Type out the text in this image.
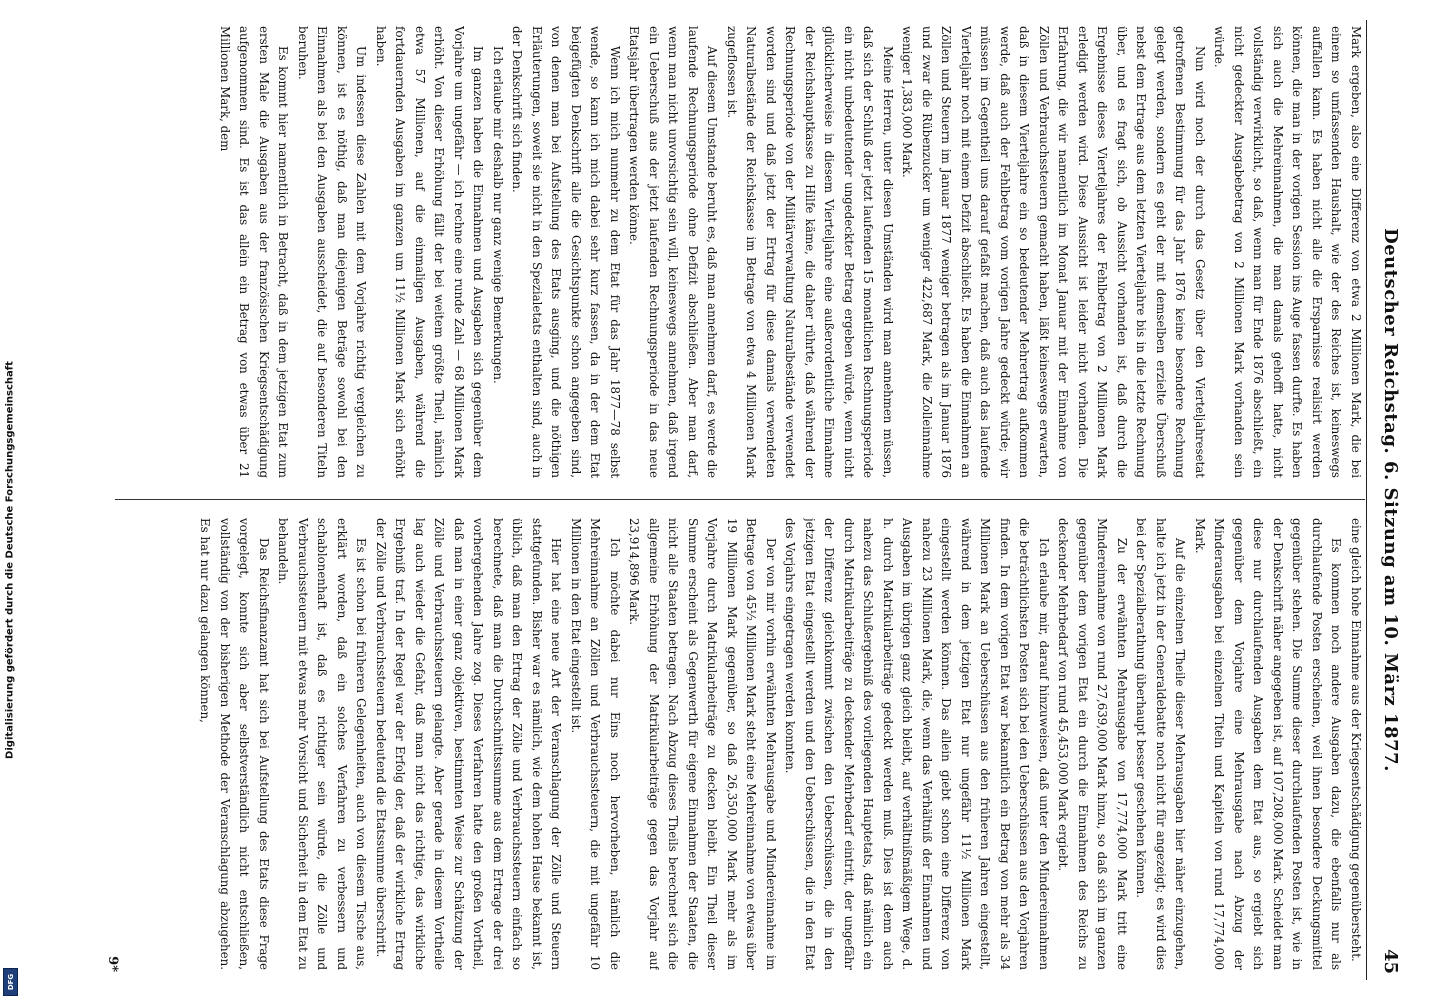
Digitalisierung gefördert durch die Deutsche Forschungsgemeinschaft
DFG
Deutscher Reichstag. 6. Sitzung am 10. März 1877.
45

Mark ergeben, also eine Differenz von etwa 2 Millionen Mark, die bei einem so umfassenden Haushalt, wie der des Reiches ist, keineswegs auffallen kann. Es haben nicht alle die Ersparnisse realisirt werden können, die man in der vorigen Session ins Auge fassen durfte. Es haben sich auch die Mehreinnahmen, die man damals gehofft hatte, nicht vollständig verwirklicht, so daß, wenn man für Ende 1876 abschließt, ein nicht gedeckter Ausgabebetrag von 2 Millionen Mark vorhanden sein würde.

Nun wird noch der durch das Gesetz über den Vierteljahresetat getroffenen Bestimmung für das Jahr 1876 keine besondere Rechnung gelegt werden, sondern es geht der mit demselben erzielte Überschuß nebst dem Ertrage aus dem letzten Vierteljahre bis in die letzte Rechnung über, und es fragt sich, ob Aussicht vorhanden ist, daß durch die Ergebnisse dieses Vierteljahres der Fehlbetrag von 2 Millionen Mark erledigt werden wird. Diese Aussicht ist leider nicht vorhanden. Die Erfahrung, die wir namentlich im Monat Januar mit der Einnahme von Zöllen und Verbrauchssteuern gemacht haben, läßt keineswegs erwarten, daß in diesem Vierteljahre ein so bedeutender Mehrertrag aufkommen werde, daß auch der Fehlbetrag vom vorigen Jahre gedeckt würde; wir müssen im Gegentheil uns darauf gefaßt machen, daß auch das laufende Vierteljahr noch mit einem Defizit abschließt. Es haben die Einnahmen an Zöllen und Steuern im Januar 1877 weniger betragen als im Januar 1876 und zwar die Rübenzucker um weniger 422,687 Mark, die Zolleinnahme weniger 1,383,000 Mark.

Meine Herren, unter diesen Umständen wird man annehmen müssen, daß sich der Schluß der jetzt laufenden 15 monatlichen Rechnungsperiode ein nicht unbedeutender ungedeckter Betrag ergeben würde, wenn nicht glücklicherweise in diesem Vierteljahre eine außerordentliche Einnahme der Reichshauptkasse zu Hilfe käme, die daher rührte, daß während der Rechnungsperiode von der Militärverwaltung Naturalbestände verwendet worden sind und daß jetzt der Ertrag für diese damals verwendeten Naturalbestände der Reichskasse im Betrage von etwa 4 Millionen Mark zugeflossen ist.

Auf diesem Umstande beruht es, daß man annehmen darf, es werde die laufende Rechnungsperiode ohne Defizit abschließen. Aber man darf, wenn man nicht unvorsichtig sein will, keineswegs annehmen, daß irgend ein Ueberschuß aus der jetzt laufenden Rechnungsperiode in das neue Etatsjahr übertragen werden könne.

Wenn ich mich nunmehr zu dem Etat für das Jahr 1877—78 selbst wende, so kann ich mich dabei sehr kurz fassen, da in der dem Etat beigefügten Denkschrift alle die Gesichtspunkte schon angegeben sind, von denen man bei Aufstellung des Etats ausging, und die nöthigen Erläuterungen, soweit sie nicht in den Spezialetats enthalten sind, auch in der Denkschrift sich finden.

Ich erlaube mir deshalb nur ganz wenige Bemerkungen.

Im ganzen haben die Einnahmen und Ausgaben sich gegenüber dem Vorjahre um ungefähr — ich rechne eine runde Zahl — 68 Millionen Mark erhöht. Von dieser Erhöhung fällt der bei weitem größte Theil, nämlich etwa 57 Millionen, auf die einmaligen Ausgaben, während die fortdauernden Ausgaben im ganzen um 11½ Millionen Mark sich erhöht haben.

Um indessen diese Zahlen mit dem Vorjahre richtig vergleichen zu können, ist es nöthig, daß man diejenigen Beträge sowohl bei den Einnahmen als bei den Ausgaben ausscheidet, die auf besonderen Titeln beruhen.

Es kommt hier namentlich in Betracht, daß in dem jetzigen Etat zum ersten Male die Ausgaben aus der französischen Kriegsentschädigung aufgenommen sind. Es ist das allein ein Betrag von etwas über 21 Millionen Mark, dem

eine gleich hohe Einnahme aus der Kriegsentschädigung gegenübersteht.

Es kommen noch andere Ausgaben dazu, die ebenfalls nur als durchlaufende Posten erscheinen, weil ihnen besondere Deckungsmittel gegenüber stehen. Die Summe dieser durchlaufenden Posten ist, wie in der Denkschrift näher angegeben ist, auf 107,208,000 Mark. Scheidet man diese nur durchlaufenden Ausgaben dem Etat aus, so ergiebt sich gegenüber dem Vorjahre eine Mehrausgabe nach Abzug der Minderausgaben bei einzelnen Titeln und Kapiteln von rund 17,774,000 Mark.

Auf die einzelnen Theile dieser Mehrausgaben hier näher einzugehen, halte ich jetzt in der Generaldebatte noch nicht für angezeigt; es wird dies bei der Spezialberathung überhaupt besser geschehen können.

Zu der erwähnten Mehrausgabe von 17,774,000 Mark tritt eine Mindereinnahme von rund 27,639,000 Mark hinzu, so daß sich im ganzen gegenüber dem vorigen Etat ein durch die Einnahmen des Reichs zu deckender Mehrbedarf von rund 45,453,000 Mark ergiebt.

Ich erlaube mir, darauf hinzuweisen, daß unter den Mindereinnahmen die beträchtlichsten Posten sich bei den Ueberschüssen aus den Vorjahren finden. In dem vorigen Etat war bekanntlich ein Betrag von mehr als 34 Millionen Mark an Ueberschüssen aus den früheren Jahren eingestellt, während in dem jetzigen Etat nur ungefähr 11½ Millionen Mark eingestellt werden können. Das allein giebt schon eine Differenz von nahezu 23 Millionen Mark, die, wenn das Verhältniß der Einnahmen und Ausgaben im übrigen ganz gleich bleibt, auf verhältnißmäßigem Wege, d. h. durch Matrikularbeiträge gedeckt werden muß. Dies ist denn auch nahezu das Schlußergebniß des vorliegenden Hauptetats, daß nämlich ein durch Matrikularbeiträge zu deckender Mehrbedarf eintritt, der ungefähr der Differenz gleichkommt zwischen den Ueberschüssen, die in den jetzigen Etat eingestellt werden und den Ueberschüssen, die in den Etat des Vorjahrs eingetragen werden konnten.

Der von mir vorhin erwähnten Mehrausgabe und Mindereinnahme im Betrage von 45½ Millionen Mark steht eine Mehreinnahme von etwas über 19 Millionen Mark gegenüber, so daß 26,350,000 Mark mehr als im Vorjahre durch Matrikularbeiträge zu decken bleibt. Ein Theil dieser Summe erscheint als Gegenwerth für eigene Einnahmen der Staaten, die nicht alle Staaten betragen. Nach Abzug dieses Theils berechnet sich die allgemeine Erhöhung der Matrikularbeiträge gegen das Vorjahr auf 23,914,896 Mark.

Ich möchte dabei nur Eins noch hervorheben, nämlich die Mehreinnahme an Zöllen und Verbrauchssteuern, die mit ungefähr 10 Millionen in den Etat eingestellt ist.

Hier hat eine neue Art der Veranschlagung der Zölle und Steuern stattgefunden. Bisher war es nämlich, wie dem hohen Hause bekannt ist, üblich, daß man den Ertrag der Zölle und Verbrauchssteuern einfach so berechnete, daß man die Durchschnittssumme aus dem Ertrage der drei vorhergehenden Jahre zog. Dieses Verfahren hatte den großen Vortheil, daß man in einer ganz objektiven, bestimmten Weise zur Schätzung der Zölle und Verbrauchssteuern gelangte. Aber gerade in diesem Vortheile lag auch wieder die Gefahr, daß man nicht das richtige, das wirkliche Ergebniß traf. In der Regel war der Erfolg der, daß der wirkliche Ertrag der Zölle und Verbrauchssteuern bedeutend die Etatssumme überschritt.

Es ist schon bei früheren Gelegenheiten, auch von diesem Tische aus, erklärt worden, daß ein solches Verfahren zu verbessern und schablonenhaft ist, daß es richtiger sein würde, die Zölle und Verbrauchssteuern mit etwas mehr Vorsicht und Sicherheit in dem Etat zu behandeln.

Das Reichsfinanzamt hat sich bei Aufstellung des Etats diese Frage vorgelegt, konnte sich aber selbstverständlich nicht entschließen, vollständig von der bisherigen Methode der Veranschlagung abzugehen. Es hat nur dazu gelangen können,

9*
